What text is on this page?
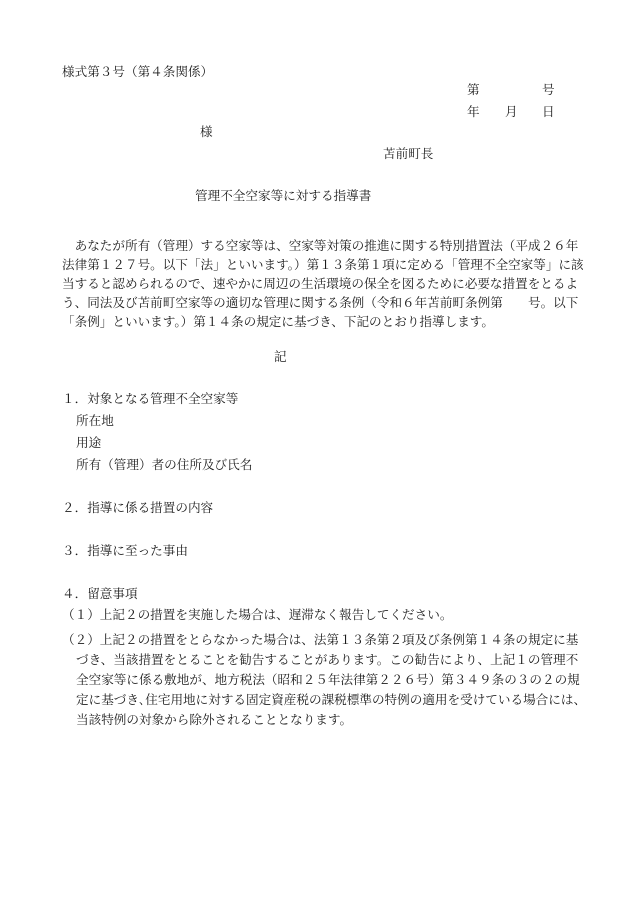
様式第３号（第４条関係）
第	号
年 月 日
様
苫前町長
管理不全空家等に対する指導書
　あなたが所有（管理）する空家等は、空家等対策の推進に関する特別措置法（平成２６年
法律第１２７号。以下「法」といいます。）第１３条第１項に定める「管理不全空家等」に該
当すると認められるので、速やかに周辺の生活環境の保全を図るために必要な措置をとるよ
う、同法及び苫前町空家等の適切な管理に関する条例（令和６年苫前町条例第　　号。以下
「条例」といいます。）第１４条の規定に基づき、下記のとおり指導します。
記
１．対象となる管理不全空家等
所在地
用途
所有（管理）者の住所及び氏名
２．指導に係る措置の内容
３．指導に至った事由
４．留意事項
（１）上記２の措置を実施した場合は、遅滞なく報告してください。
（２）上記２の措置をとらなかった場合は、法第１３条第２項及び条例第１４条の規定に基
づき、当該措置をとることを勧告することがあります。この勧告により、上記１の管理不
全空家等に係る敷地が、地方税法（昭和２５年法律第２２６号）第３４９条の３の２の規
定に基づき､住宅用地に対する固定資産税の課税標準の特例の適用を受けている場合には、
当該特例の対象から除外されることとなります。
